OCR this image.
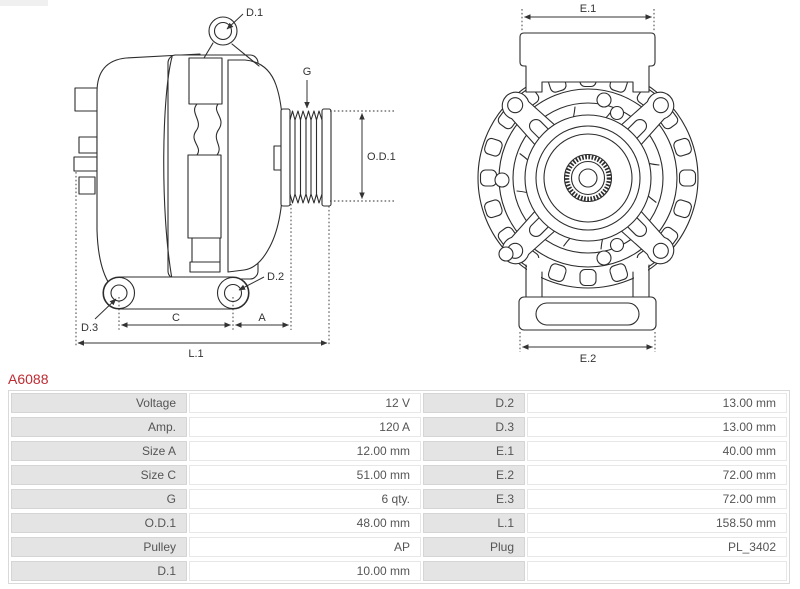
D.1
G
O.D.1
D.2
D.3
C	A
L.1
E.1
E.2
A6088
Voltage	12 V	D.2	13.00 mm
Amp.	120 A	D.3	13.00 mm
Size A	12.00 mm	E.1	40.00 mm
Size C	51.00 mm	E.2	72.00 mm
G	6 qty.	E.3	72.00 mm
O.D.1	48.00 mm	L.1	158.50 mm
Pulley	AP	Plug	PL_3402
D.1	10.00 mm
